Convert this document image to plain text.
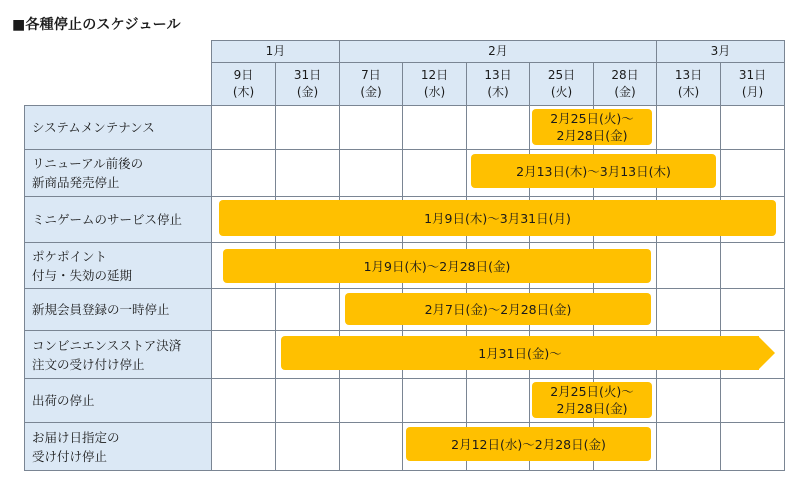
■各種停止のスケジュール
1月	2月	3月
9日
(木)
31日
(金)
7日
(金)
12日
(水)
13日
(木)
25日
(火)
28日
(金)
13日
(木)
31日
(月)
システムメンテナンス
リニューアル前後の
新商品発売停止
ミニゲームのサービス停止
ポケポイント
付与・失効の延期
新規会員登録の一時停止
コンビニエンスストア決済
注文の受け付け停止
出荷の停止
お届け日指定の
受け付け停止
2月25日(火)～
2月28日(金)
2月13日(木)～3月13日(木)
1月9日(木)～3月31日(月)
1月9日(木)～2月28日(金)
2月7日(金)～2月28日(金)
1月31日(金)～
2月25日(火)～
2月28日(金)
2月12日(水)～2月28日(金)
